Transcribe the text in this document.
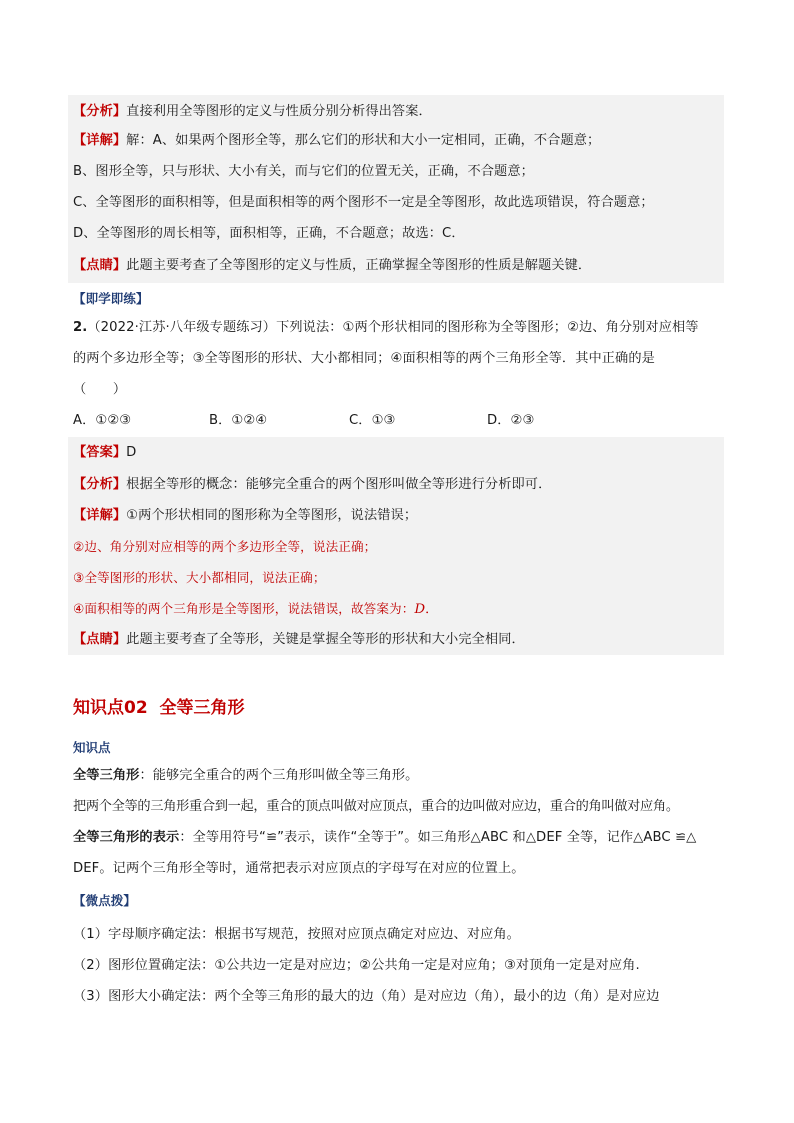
【分析】直接利用全等图形的定义与性质分别分析得出答案．
【详解】解：A、如果两个图形全等，那么它们的形状和大小一定相同，正确，不合题意；
B、图形全等，只与形状、大小有关，而与它们的位置无关，正确，不合题意；
C、全等图形的面积相等，但是面积相等的两个图形不一定是全等图形，故此选项错误，符合题意；
D、全等图形的周长相等，面积相等，正确，不合题意；故选：C．
【点睛】此题主要考查了全等图形的定义与性质，正确掌握全等图形的性质是解题关键．
【即学即练】
2.（2022·江苏·八年级专题练习）下列说法：①两个形状相同的图形称为全等图形；②边、角分别对应相等
的两个多边形全等；③全等图形的形状、大小都相同；④面积相等的两个三角形全等．其中正确的是
（　　）
A．①②③	B．①②④	C．①③	D．②③
【答案】D
【分析】根据全等形的概念：能够完全重合的两个图形叫做全等形进行分析即可．
【详解】①两个形状相同的图形称为全等图形，说法错误；
②边、角分别对应相等的两个多边形全等，说法正确；
③全等图形的形状、大小都相同，说法正确；
④面积相等的两个三角形是全等图形，说法错误，故答案为：D．
【点睛】此题主要考查了全等形，关键是掌握全等形的形状和大小完全相同．
知识点02  全等三角形
知识点
全等三角形：能够完全重合的两个三角形叫做全等三角形。
把两个全等的三角形重合到一起，重合的顶点叫做对应顶点，重合的边叫做对应边，重合的角叫做对应角。
全等三角形的表示：全等用符号“≌”表示，读作“全等于”。如三角形△ABC 和△DEF 全等，记作△ABC ≌△
DEF。记两个三角形全等时，通常把表示对应顶点的字母写在对应的位置上。
【微点拨】
（1）字母顺序确定法：根据书写规范，按照对应顶点确定对应边、对应角。
（2）图形位置确定法：①公共边一定是对应边；②公共角一定是对应角；③对顶角一定是对应角.
（3）图形大小确定法：两个全等三角形的最大的边（角）是对应边（角），最小的边（角）是对应边
